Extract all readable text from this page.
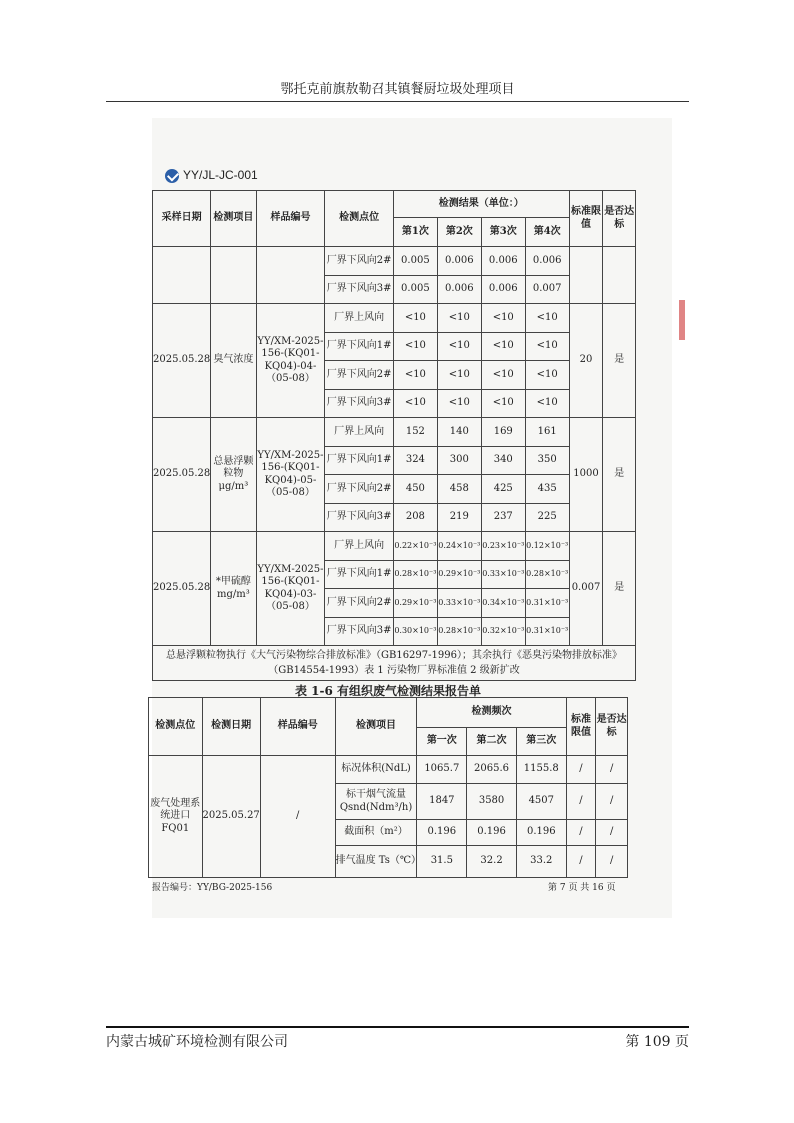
鄂托克前旗敖勒召其镇餐厨垃圾处理项目
YY/JL-JC-001
采样日期	检测项目	样品编号	检测点位	检测结果（单位：）				标准限值	是否达标
				第1次	第2次	第3次	第4次		
			厂界下风向2#	0.005	0.006	0.006	0.006		
			厂界下风向3#	0.005	0.006	0.006	0.007		
2025.05.28	臭气浓度	YY/XM-2025-156-(KQ01-KQ04)-04-（05-08）	厂界上风向	<10	<10	<10	<10	20	是
			厂界下风向1#	<10	<10	<10	<10		
			厂界下风向2#	<10	<10	<10	<10		
			厂界下风向3#	<10	<10	<10	<10		
2025.05.28	总悬浮颗粒物μg/m³	YY/XM-2025-156-(KQ01-KQ04)-05-（05-08）	厂界上风向	152	140	169	161	1000	是
			厂界下风向1#	324	300	340	350		
			厂界下风向2#	450	458	425	435		
			厂界下风向3#	208	219	237	225		
2025.05.28	*甲硫醇 mg/m³	YY/XM-2025-156-(KQ01-KQ04)-03-（05-08）	厂界上风向	0.22×10⁻³	0.24×10⁻³	0.23×10⁻³	0.12×10⁻³	0.007	是
			厂界下风向1#	0.28×10⁻³	0.29×10⁻³	0.33×10⁻³	0.28×10⁻³		
			厂界下风向2#	0.29×10⁻³	0.33×10⁻³	0.34×10⁻³	0.31×10⁻³		
			厂界下风向3#	0.30×10⁻³	0.28×10⁻³	0.32×10⁻³	0.31×10⁻³		
总悬浮颗粒物执行《大气污染物综合排放标准》（GB16297-1996）；其余执行《恶臭污染物排放标准》（GB14554-1993）表 1 污染物厂界标准值 2 级新扩改									
表 1-6 有组织废气检测结果报告单
检测点位	检测日期	样品编号	检测项目	检测频次			标准限值	是否达标
				第一次	第二次	第三次		
废气处理系统进口 FQ01	2025.05.27	/	标况体积(NdL)	1065.7	2065.6	1155.8	/	/
			标干烟气流量 Qsnd(Ndm³/h)	1847	3580	4507	/	/
			截面积（m²）	0.196	0.196	0.196	/	/
			排气温度 Ts（℃）	31.5	32.2	33.2	/	/
报告编号：YY/BG-2025-156	第 7 页 共 16 页
内蒙古城矿环境检测有限公司	第 109 页
